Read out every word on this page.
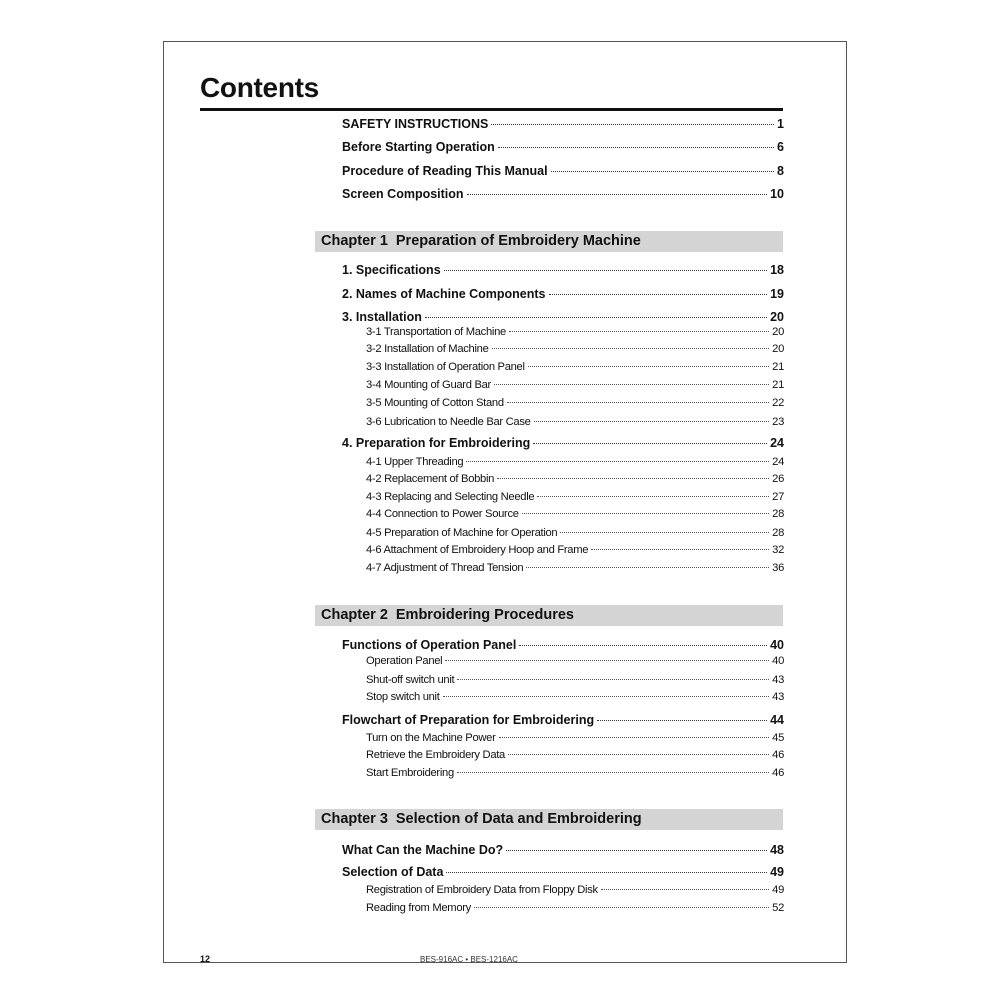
Contents
SAFETY INSTRUCTIONS	1
Before Starting Operation	6
Procedure of Reading This Manual	8
Screen Composition	10
Chapter 1 Preparation of Embroidery Machine
1. Specifications	18
2. Names of Machine Components	19
3. Installation	20
3-1 Transportation of Machine	20
3-2 Installation of Machine	20
3-3 Installation of Operation Panel	21
3-4 Mounting of Guard Bar	21
3-5 Mounting of Cotton Stand	22
3-6 Lubrication to Needle Bar Case	23
4. Preparation for Embroidering	24
4-1 Upper Threading	24
4-2 Replacement of Bobbin	26
4-3 Replacing and Selecting Needle	27
4-4 Connection to Power Source	28
4-5 Preparation of Machine for Operation	28
4-6 Attachment of Embroidery Hoop and Frame	32
4-7 Adjustment of Thread Tension	36
Chapter 2 Embroidering Procedures
Functions of Operation Panel	40
Operation Panel	40
Shut-off switch unit	43
Stop switch unit	43
Flowchart of Preparation for Embroidering	44
Turn on the Machine Power	45
Retrieve the Embroidery Data	46
Start Embroidering	46
Chapter 3 Selection of Data and Embroidering
What Can the Machine Do?	48
Selection of Data	49
Registration of Embroidery Data from Floppy Disk	49
Reading from Memory	52
12	BES-916AC • BES-1216AC
